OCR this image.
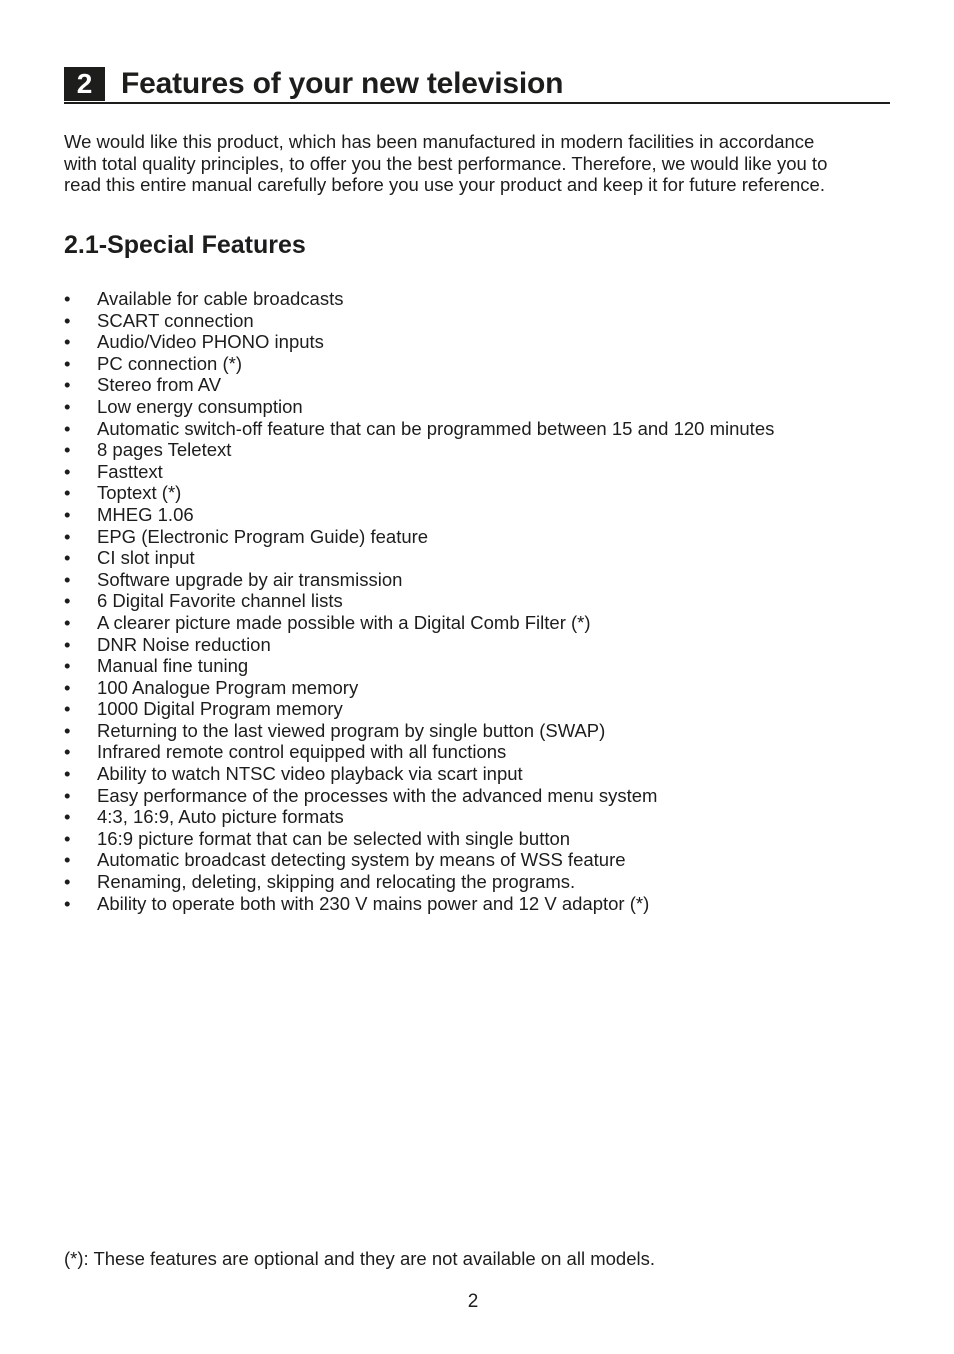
2 Features of your new television

We would like this product, which has been manufactured in modern facilities in accordance
with total quality principles, to offer you the best performance. Therefore, we would like you to
read this entire manual carefully before you use your product and keep it for future reference.

2.1-Special Features
• Available for cable broadcasts
• SCART connection
• Audio/Video PHONO inputs
• PC connection (*)
• Stereo from AV
• Low energy consumption
• Automatic switch-off feature that can be programmed between 15 and 120 minutes
• 8 pages Teletext
• Fasttext
• Toptext (*)
• MHEG 1.06
• EPG (Electronic Program Guide) feature
• CI slot input
• Software upgrade by air transmission
• 6 Digital Favorite channel lists
• A clearer picture made possible with a Digital Comb Filter (*)
• DNR Noise reduction
• Manual fine tuning
• 100 Analogue Program memory
• 1000 Digital Program memory
• Returning to the last viewed program by single button (SWAP)
• Infrared remote control equipped with all functions
• Ability to watch NTSC video playback via scart input
• Easy performance of the processes with the advanced menu system
• 4:3, 16:9, Auto picture formats
• 16:9 picture format that can be selected with single button
• Automatic broadcast detecting system by means of WSS feature
• Renaming, deleting, skipping and relocating the programs.
• Ability to operate both with 230 V mains power and 12 V adaptor (*)
(*): These features are optional and they are not available on all models.
2
